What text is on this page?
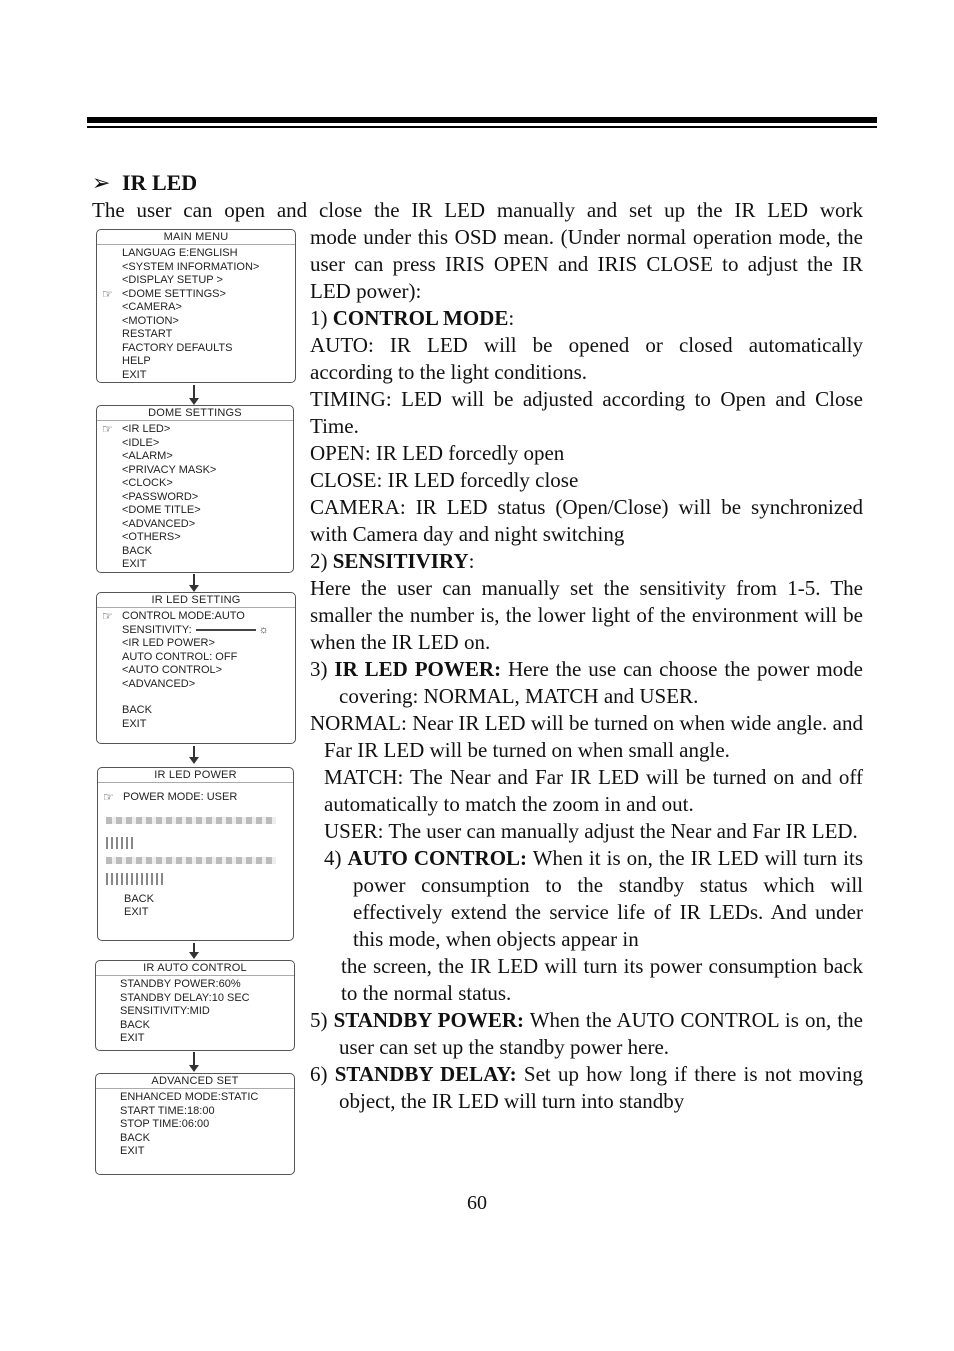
➢ IR LED
The user can open and close the IR LED manually and set up the IR LED work

mode under this OSD mean. (Under normal operation mode, the user can press IRIS OPEN and IRIS CLOSE to adjust the IR LED power):

1) CONTROL MODE:

AUTO: IR LED will be opened or closed automatically according to the light conditions.

TIMING: LED will be adjusted according to Open and Close Time.

OPEN: IR LED forcedly open

CLOSE: IR LED forcedly close

CAMERA: IR LED status (Open/Close) will be synchronized with Camera day and night switching

2) SENSITIVIRY:

Here the user can manually set the sensitivity from 1-5. The smaller the number is, the lower light of the environment will be when the IR LED on.

3) IR LED POWER: Here the use can choose the power mode covering: NORMAL, MATCH and USER.

NORMAL: Near IR LED will be turned on when wide angle. and Far IR LED will be turned on when small angle.

MATCH: The Near and Far IR LED will be turned on and off automatically to match the zoom in and out.

USER: The user can manually adjust the Near and Far IR LED.

4) AUTO CONTROL: When it is on, the IR LED will turn its power consumption to the standby status which will effectively extend the service life of IR LEDs. And under this mode, when objects appear in

the screen, the IR LED will turn its power consumption back to the normal status.

5) STANDBY POWER: When the AUTO CONTROL is on, the user can set up the standby power here.

6) STANDBY DELAY: Set up how long if there is not moving object, the IR LED will turn into standby

MAIN MENU
LANGUAG E:ENGLISH
<SYSTEM INFORMATION>
<DISPLAY SETUP >
☞ <DOME SETTINGS>
<CAMERA>
<MOTION>
RESTART
FACTORY DEFAULTS
HELP
EXIT
DOME SETTINGS
☞ <IR LED>
<IDLE>
<ALARM>
<PRIVACY MASK>
<CLOCK>
<PASSWORD>
<DOME TITLE>
<ADVANCED>
<OTHERS>
BACK
EXIT
IR LED SETTING
☞ CONTROL MODE:AUTO
SENSITIVITY:	☼
<IR LED POWER>
AUTO CONTROL: OFF
<AUTO CONTROL>
<ADVANCED>
BACK
EXIT
IR LED POWER
☞ POWER MODE: USER
BACK
EXIT
IR AUTO CONTROL
STANDBY POWER:60%
STANDBY DELAY:10 SEC
SENSITIVITY:MID
BACK
EXIT
ADVANCED SET
ENHANCED MODE:STATIC
START TIME:18:00
STOP TIME:06:00
BACK
EXIT
60
